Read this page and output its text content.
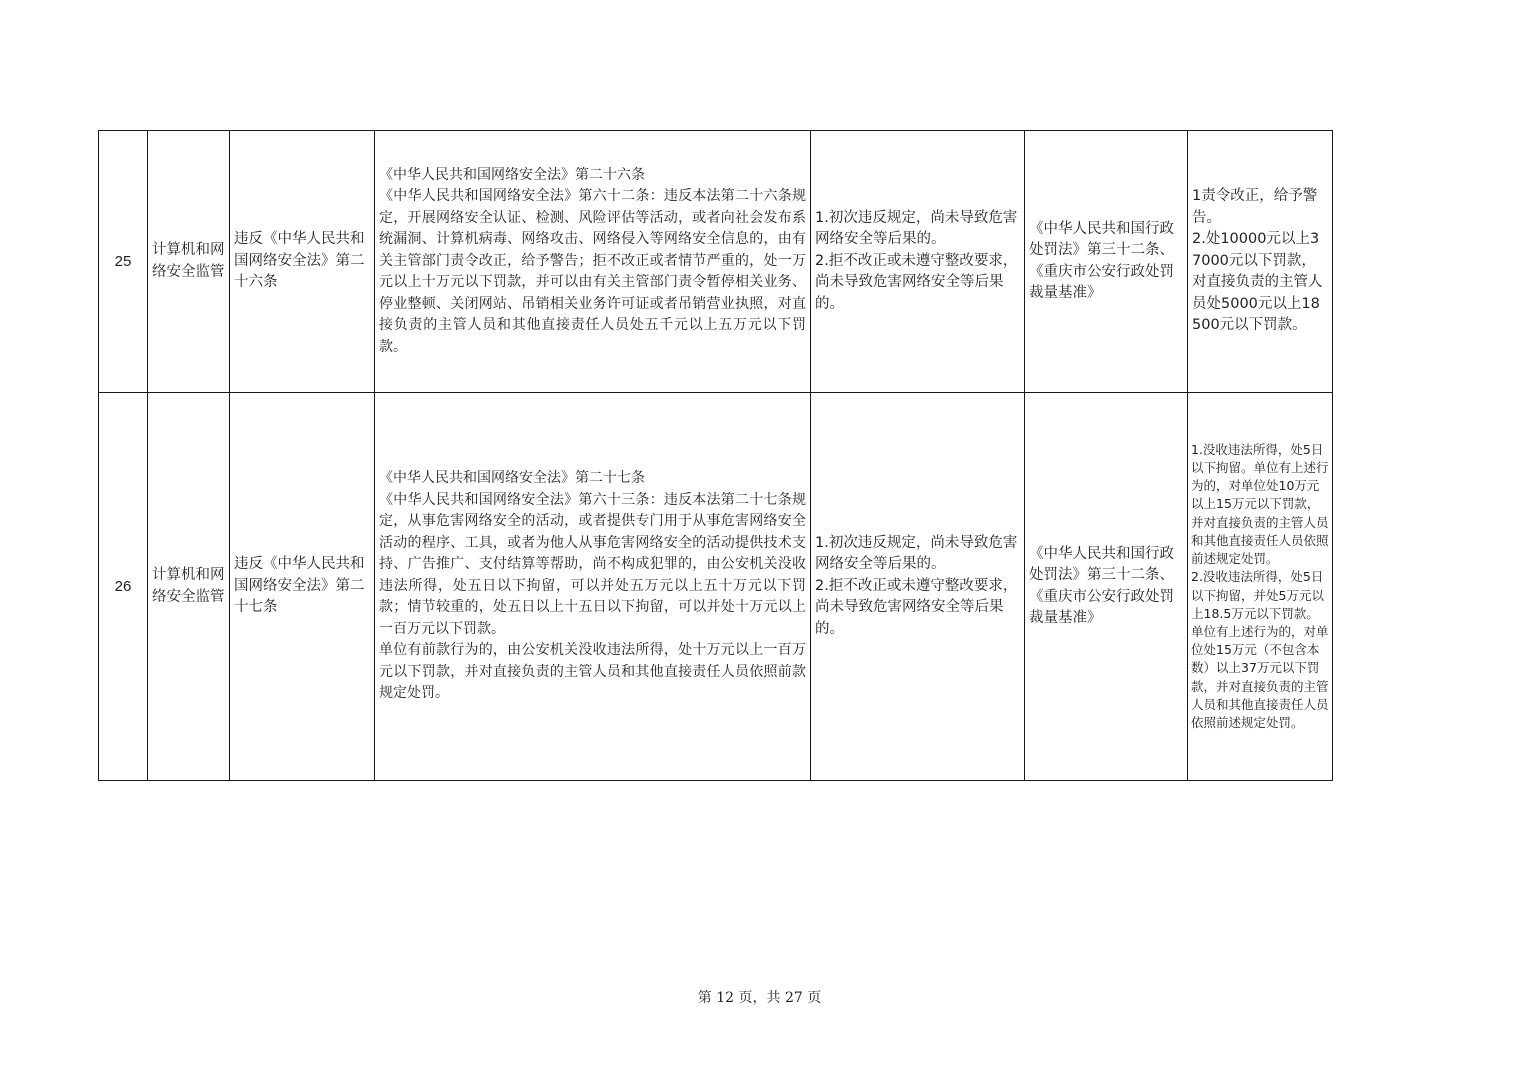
25	计算机和网络安全监管	违反《中华人民共和国网络安全法》第二十六条	《中华人民共和国网络安全法》第二十六条
《中华人民共和国网络安全法》第六十二条：违反本法第二十六条规定，开展网络安全认证、检测、风险评估等活动，或者向社会发布系统漏洞、计算机病毒、网络攻击、网络侵入等网络安全信息的，由有关主管部门责令改正，给予警告；拒不改正或者情节严重的，处一万元以上十万元以下罚款，并可以由有关主管部门责令暂停相关业务、停业整顿、关闭网站、吊销相关业务许可证或者吊销营业执照，对直接负责的主管人员和其他直接责任人员处五千元以上五万元以下罚款。	1.初次违反规定，尚未导致危害网络安全等后果的。
2.拒不改正或未遵守整改要求，尚未导致危害网络安全等后果的。	《中华人民共和国行政处罚法》第三十二条、《重庆市公安行政处罚裁量基准》	1责令改正，给予警告。
2.处10000元以上37000元以下罚款，对直接负责的主管人员处5000元以上18500元以下罚款。

26	计算机和网络安全监管	违反《中华人民共和国网络安全法》第二十七条	《中华人民共和国网络安全法》第二十七条
《中华人民共和国网络安全法》第六十三条：违反本法第二十七条规定，从事危害网络安全的活动，或者提供专门用于从事危害网络安全活动的程序、工具，或者为他人从事危害网络安全的活动提供技术支持、广告推广、支付结算等帮助，尚不构成犯罪的，由公安机关没收违法所得，处五日以下拘留，可以并处五万元以上五十万元以下罚款；情节较重的，处五日以上十五日以下拘留，可以并处十万元以上一百万元以下罚款。
单位有前款行为的，由公安机关没收违法所得，处十万元以上一百万元以下罚款，并对直接负责的主管人员和其他直接责任人员依照前款规定处罚。	1.初次违反规定，尚未导致危害网络安全等后果的。
2.拒不改正或未遵守整改要求，尚未导致危害网络安全等后果的。	《中华人民共和国行政处罚法》第三十二条、《重庆市公安行政处罚裁量基准》	1.没收违法所得，处5日以下拘留。单位有上述行为的，对单位处10万元以上15万元以下罚款，并对直接负责的主管人员和其他直接责任人员依照前述规定处罚。
2.没收违法所得，处5日以下拘留，并处5万元以上18.5万元以下罚款。单位有上述行为的，对单位处15万元（不包含本数）以上37万元以下罚款，并对直接负责的主管人员和其他直接责任人员依照前述规定处罚。
第 12 页，共 27 页
